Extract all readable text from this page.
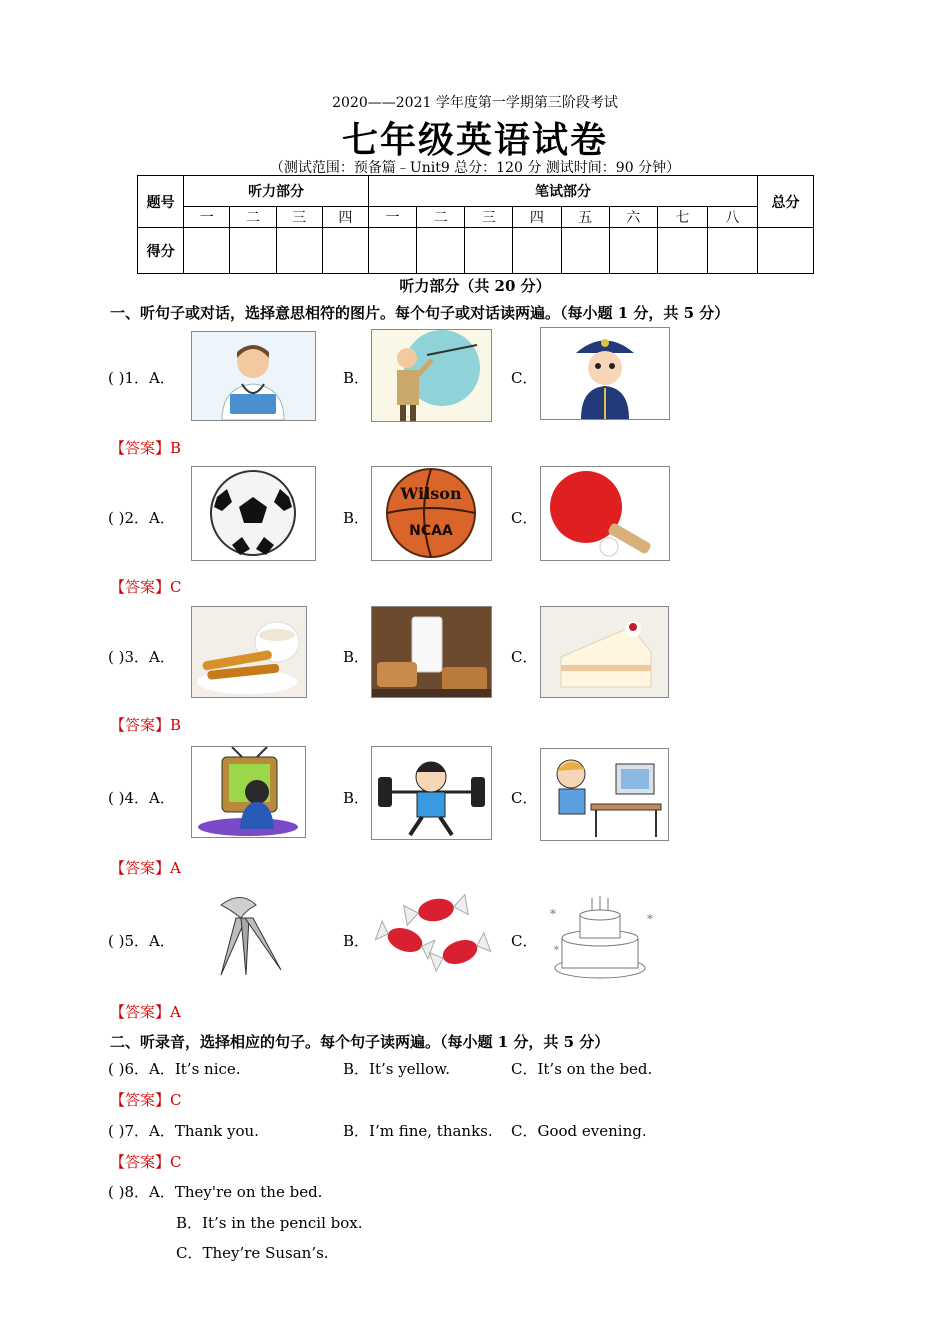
2020——2021 学年度第一学期第三阶段考试
七年级英语试卷
（测试范围：预备篇﹣Unit9 总分：120 分 测试时间：90 分钟）
题号	听力部分				笔试部分								总分
	一	二	三	四	一	二	三	四	五	六	七	八	
得分													
听力部分（共 20 分）
一、听句子或对话，选择意思相符的图片。每个句子或对话读两遍。（每小题 1 分，共 5 分）
( )1．A．	B．	C．
【答案】B
( )2．A．	B．
Wilson
NCAA
C．
【答案】C
( )3．A．	B．	C．
【答案】B
( )4．A．	B．	C．
【答案】A
( )5．A．	B．	C．
*	*
*
【答案】A
二、听录音，选择相应的句子。每个句子读两遍。（每小题 1 分，共 5 分）
( )6．A．It’s nice.	B．It’s yellow.	C．It’s on the bed.
【答案】C
( )7．A．Thank you.	B．I’m fine, thanks. C．Good evening.
【答案】C
( )8．A．They're on the bed.
B．It’s in the pencil box.
C．They’re Susan’s.
